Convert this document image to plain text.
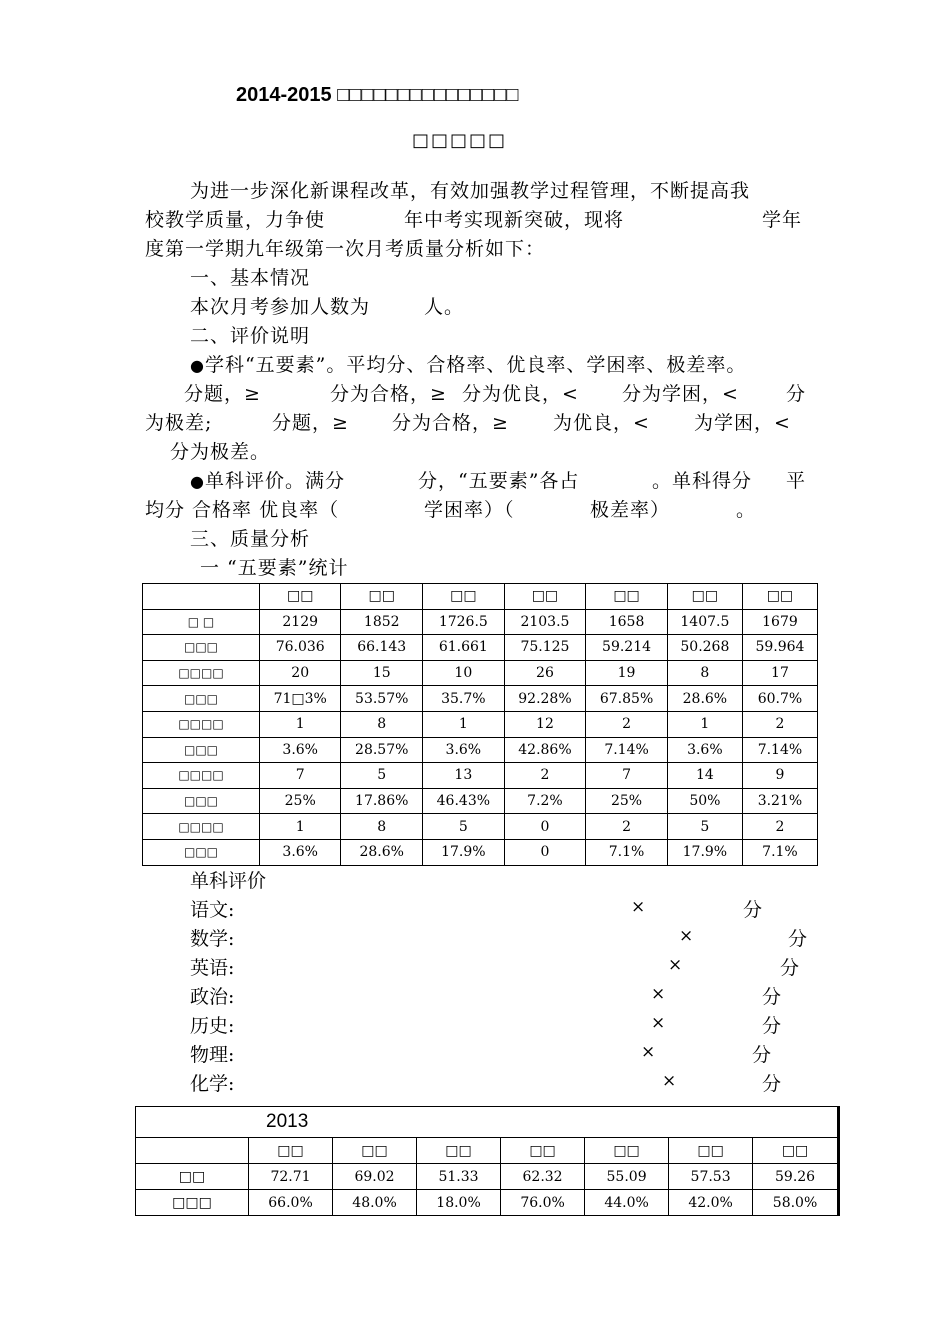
2014-2015 □□□□□□□□□□□□□□□
□□□□□
为进一步深化新课程改革，有效加强教学过程管理，不断提高我
校教学质量，力争使	年中考实现新突破，现将	学年
度第一学期九年级第一次月考质量分析如下：
一、基本情况
本次月考参加人数为	人。
二、评价说明
●学科“五要素”。平均分、合格率、优良率、学困率、极差率。
分题，≥	分为合格，≥ 分为优良，< 分为学困，< 分
为极差;	分题，≥ 分为合格，≥ 为优良，< 为学困，<
分为极差。
●单科评价。满分	分，“五要素”各占	。单科得分 平
均分 合格率 优良率（	学困率）（	极差率）	。
三、质量分析
一 “五要素”统计
	□□	□□	□□	□□	□□	□□	□□
□ □	2129	1852	1726.5	2103.5	1658	1407.5	1679
□□□	76.036	66.143	61.661	75.125	59.214	50.268	59.964
□□□□	20	15	10	26	19	8	17
□□□	71□3%	53.57%	35.7%	92.28%	67.85%	28.6%	60.7%
□□□□	1	8	1	12	2	1	2
□□□	3.6%	28.57%	3.6%	42.86%	7.14%	3.6%	7.14%
□□□□	7	5	13	2	7	14	9
□□□	25%	17.86%	46.43%	7.2%	25%	50%	3.21%
□□□□	1	8	5	0	2	5	2
□□□	3.6%	28.6%	17.9%	0	7.1%	17.9%	7.1%
单科评价
语文:	×	分
数学:	×	分
英语:	×	分
政治:	×	分
历史:	×	分
物理:	×	分
化学:	×	分
2013							
	□□	□□	□□	□□	□□	□□	□□
□□	72.71	69.02	51.33	62.32	55.09	57.53	59.26
□□□	66.0%	48.0%	18.0%	76.0%	44.0%	42.0%	58.0%
